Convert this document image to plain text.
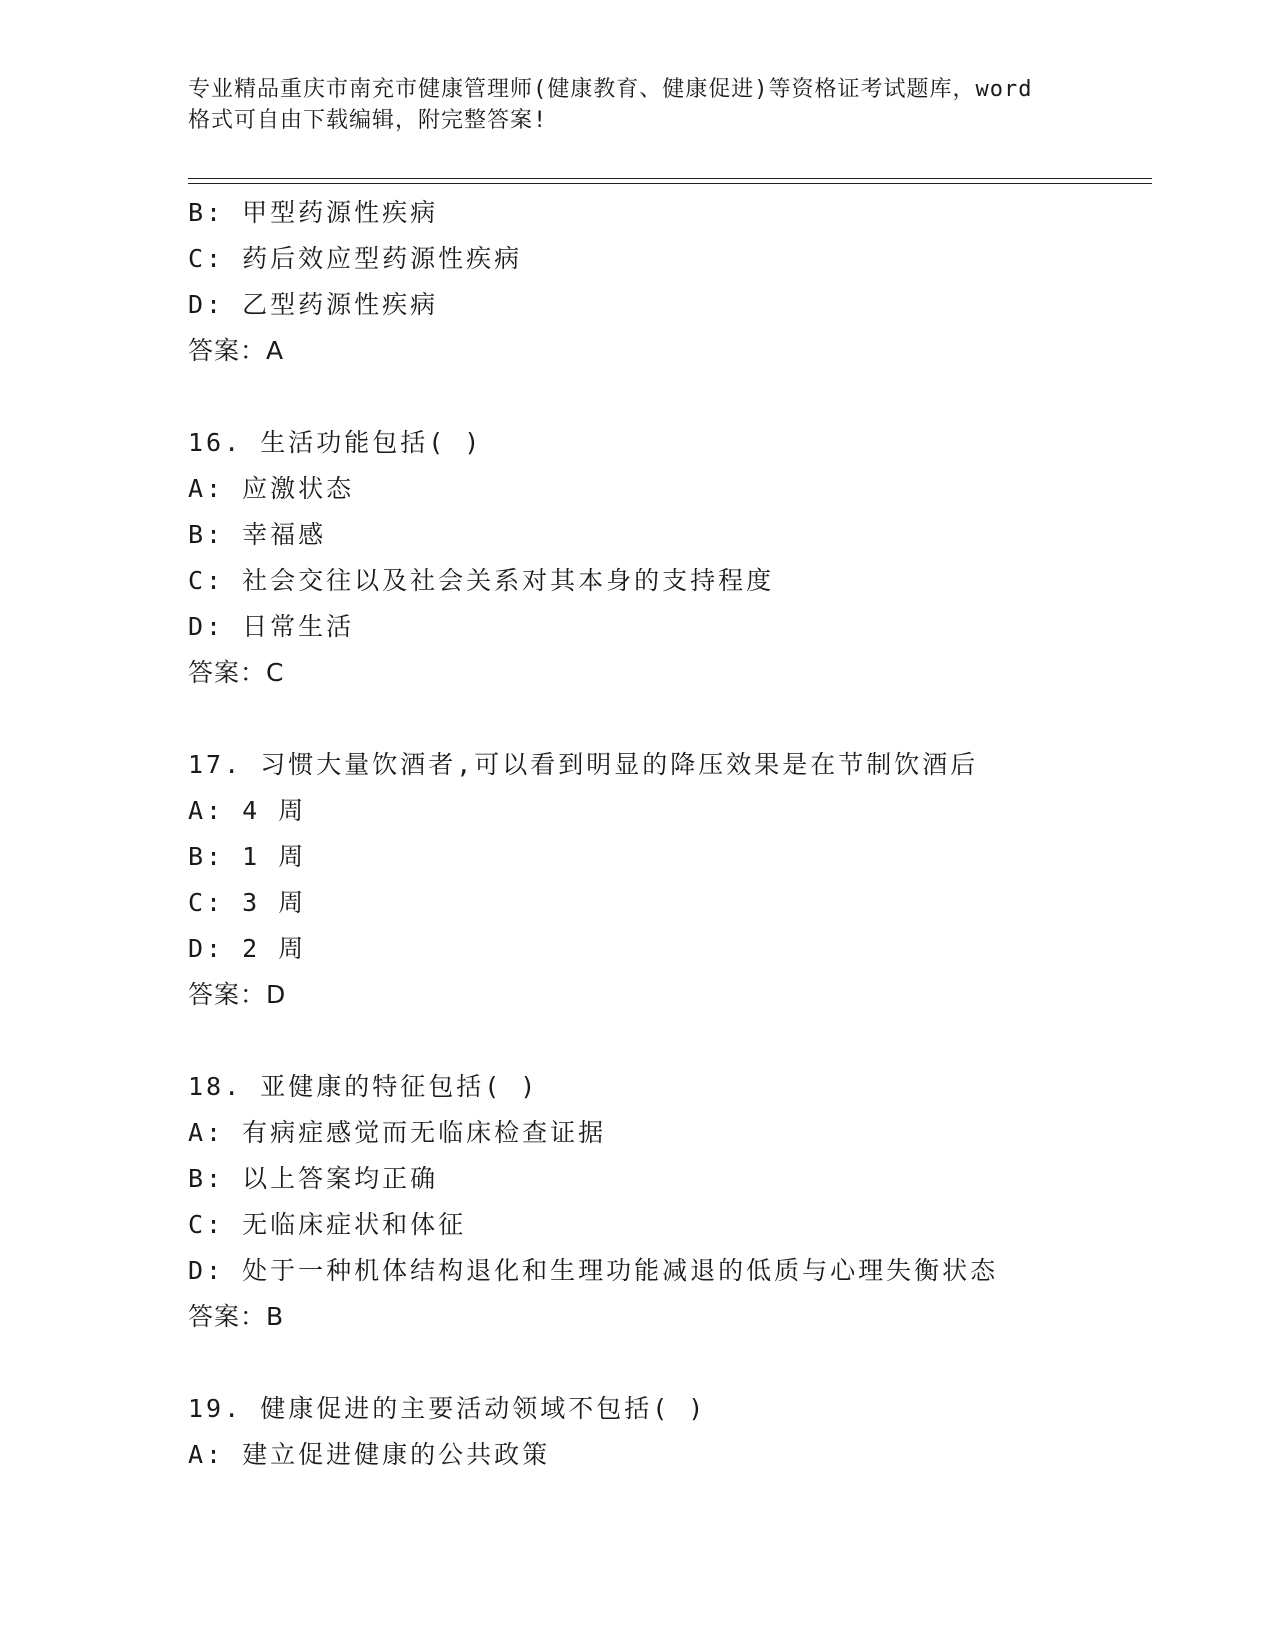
专业精品重庆市南充市健康管理师(健康教育、健康促进)等资格证考试题库，word
格式可自由下载编辑，附完整答案!
B: 甲型药源性疾病
C: 药后效应型药源性疾病
D: 乙型药源性疾病
答案：A
16. 生活功能包括( )
A: 应激状态
B: 幸福感
C: 社会交往以及社会关系对其本身的支持程度
D: 日常生活
答案：C
17. 习惯大量饮酒者,可以看到明显的降压效果是在节制饮酒后
A: 4 周
B: 1 周
C: 3 周
D: 2 周
答案：D
18. 亚健康的特征包括( )
A: 有病症感觉而无临床检查证据
B: 以上答案均正确
C: 无临床症状和体征
D: 处于一种机体结构退化和生理功能减退的低质与心理失衡状态
答案：B
19. 健康促进的主要活动领域不包括( )
A: 建立促进健康的公共政策
